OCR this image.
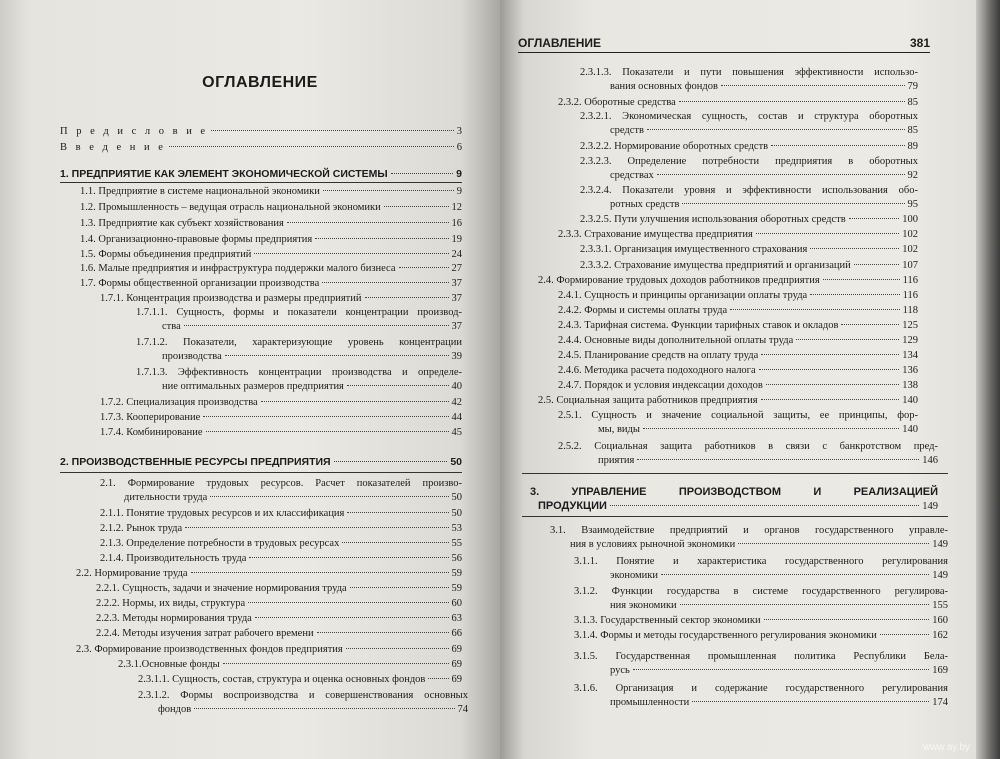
ОГЛАВЛЕНИЕ
П р е д и с л о в и е	3
В в е д е н и е	6
1. ПРЕДПРИЯТИЕ КАК ЭЛЕМЕНТ ЭКОНОМИЧЕСКОЙ СИСТЕМЫ	9
1.1. Предприятие в системе национальной экономики	9
1.2. Промышленность – ведущая отрасль национальной экономики	12
1.3. Предприятие как субъект хозяйствования	16
1.4. Организационно-правовые формы предприятия	19
1.5. Формы объединения предприятий	24
1.6. Малые предприятия и инфраструктура поддержки малого бизнеса	27
1.7. Формы общественной организации производства	37
1.7.1. Концентрация производства и размеры предприятий	37
1.7.1.1. Сущность, формы и показатели концентрации производ-
ства	37
1.7.1.2. Показатели, характеризующие уровень концентрации
производства	39
1.7.1.3. Эффективность концентрации производства и определе-
ние оптимальных размеров предприятия	40
1.7.2. Специализация производства	42
1.7.3. Кооперирование	44
1.7.4. Комбинирование	45
2. ПРОИЗВОДСТВЕННЫЕ РЕСУРСЫ ПРЕДПРИЯТИЯ	50
2.1. Формирование трудовых ресурсов. Расчет показателей произво-
дительности труда	50
2.1.1. Понятие трудовых ресурсов и их классификация	50
2.1.2. Рынок труда	53
2.1.3. Определение потребности в трудовых ресурсах	55
2.1.4. Производительность труда	56
2.2. Нормирование труда	59
2.2.1. Сущность, задачи и значение нормирования труда	59
2.2.2. Нормы, их виды, структура	60
2.2.3. Методы нормирования труда	63
2.2.4. Методы изучения затрат рабочего времени	66
2.3. Формирование производственных фондов предприятия	69
2.3.1.Основные фонды	69
2.3.1.1. Сущность, состав, структура и оценка основных фондов 69
2.3.1.2. Формы воспроизводства и совершенствования основных
фондов	74
ОГЛАВЛЕНИЕ	381
2.3.1.3. Показатели и пути повышения эффективности использо-
вания основных фондов	79
2.3.2. Оборотные средства	85
2.3.2.1. Экономическая сущность, состав и структура оборотных
средств	85
2.3.2.2. Нормирование оборотных средств	89
2.3.2.3. Определение потребности предприятия в оборотных
средствах	92
2.3.2.4. Показатели уровня и эффективности использования обо-
ротных средств	95
2.3.2.5. Пути улучшения использования оборотных средств	100
2.3.3. Страхование имущества предприятия	102
2.3.3.1. Организация имущественного страхования	102
2.3.3.2. Страхование имущества предприятий и организаций	107
2.4. Формирование трудовых доходов работников предприятия	116
2.4.1. Сущность и принципы организации оплаты труда	116
2.4.2. Формы и системы оплаты труда	118
2.4.3. Тарифная система. Функции тарифных ставок и окладов	125
2.4.4. Основные виды дополнительной оплаты труда	129
2.4.5. Планирование средств на оплату труда	134
2.4.6. Методика расчета подоходного налога	136
2.4.7. Порядок и условия индексации доходов	138
2.5. Социальная защита работников предприятия	140
2.5.1. Сущность и значение социальной защиты, ее принципы, фор-
мы, виды	140
2.5.2. Социальная защита работников в связи с банкротством пред-
приятия	146
3. УПРАВЛЕНИЕ ПРОИЗВОДСТВОМ И РЕАЛИЗАЦИЕЙ
ПРОДУКЦИИ	149
3.1. Взаимодействие предприятий и органов государственного управле-
ния в условиях рыночной экономики	149
3.1.1. Понятие и характеристика государственного регулирования
экономики	149
3.1.2. Функции государства в системе государственного регулирова-
ния экономики	155
3.1.3. Государственный сектор экономики	160
3.1.4. Формы и методы государственного регулирования экономики	162
3.1.5. Государственная промышленная политика Республики Бела-
русь	169
3.1.6. Организация и содержание государственного регулирования
промышленности	174
www.ay.by
